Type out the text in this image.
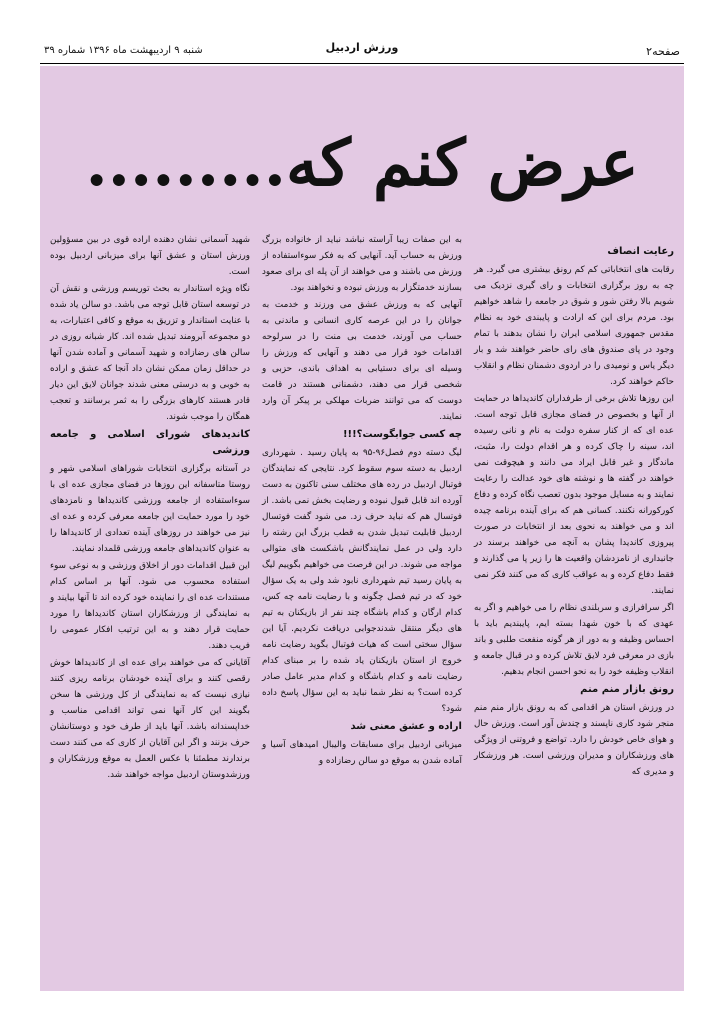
صفحه۲
ورزش اردبیل
شنبه ۹ اردیبهشت ماه ۱۳۹۶ شماره ۳۹
عرض کنم که.........
رعایت انصاف

رقابت های انتخاباتی کم کم رونق بیشتری می گیرد. هر چه به روز برگزاری انتخابات و رای گیری نزدیک می شویم بالا رفتن شور و شوق در جامعه را شاهد خواهیم بود. مردم برای این که ارادت و پایبندی خود به نظام مقدس جمهوری اسلامی ایران را نشان بدهند با تمام وجود در پای صندوق های رای حاضر خواهند شد و بار دیگر یاس و نومیدی را در اردوی دشمنان نظام و انقلاب حاکم خواهند کرد.

این روزها تلاش برخی از طرفداران کاندیداها در حمایت از آنها و بخصوص در فضای مجازی قابل توجه است. عده ای که از کنار سفره دولت به نام و نانی رسیده اند، سینه را چاک کرده و هر اقدام دولت را، مثبت، ماندگار و غیر قابل ایراد می دانند و هیچوقت نمی خواهند در گفته ها و نوشته های خود عدالت را رعایت نمایند و به مسایل موجود بدون تعصب نگاه کرده و دفاع کورکورانه نکنند. کسانی هم که برای آینده برنامه چیده اند و می خواهند به نحوی بعد از انتخابات در صورت پیروزی کاندیدا پشان به آنچه می خواهند برسند در جانبداری از نامزدشان واقعیت ها را زیر پا می گذارند و فقط دفاع کرده و به عواقب کاری که می کنند فکر نمی نمایند.

اگر سرافرازی و سربلندی نظام را می خواهیم و اگر به عهدی که با خون شهدا بسته ایم، پایبندیم باید با احساس وظیفه و به دور از هر گونه منفعت طلبی و باند بازی در معرفی فرد لایق تلاش کرده و در قبال جامعه و انقلاب وظیفه خود را به نحو احسن انجام بدهیم.

رونق بازار منم منم

در ورزش استان هر اقدامی که به رونق بازار منم منم منجر شود کاری ناپسند و چندش آور است. ورزش حال و هوای خاص خودش را دارد. تواضع و فروتنی از ویژگی های ورزشکاران و مدیران ورزشی است. هر ورزشکار و مدیری که

به این صفات زیبا آراسته نباشد نباید از خانواده بزرگ ورزش به حساب آید. آنهایی که به فکر سوءاستفاده از ورزش می باشند و می خواهند از آن پله ای برای صعود بسازند خدمتگزار به ورزش نبوده و نخواهند بود.

آنهایی که به ورزش عشق می ورزند و خدمت به جوانان را در این عرصه کاری انسانی و ماندنی به حساب می آورند، خدمت بی منت را در سرلوحه اقدامات خود قرار می دهند و آنهایی که ورزش را وسیله ای برای دستیابی به اهداف باندی، حزبی و شخصی قرار می دهند، دشمنانی هستند در قامت دوست که می توانند ضربات مهلکی بر پیکر آن وارد نمایند.

چه کسی جوابگوست؟!!!

لیگ دسته دوم فصل۹۶-۹۵ به پایان رسید . شهرداری اردبیل به دسته سوم سقوط کرد. نتایجی که نمایندگان فوتبال اردبیل در رده های مختلف سنی تاکنون به دست آورده اند قابل قبول نبوده و رضایت بخش نمی باشد. از فوتسال هم که نباید حرف زد. می شود گفت فوتسال اردبیل قابلیت تبدیل شدن به قطب بزرگ این رشته را دارد ولی در عمل نمایندگانش باشکست های متوالی مواجه می شوند. در این فرصت می خواهیم بگوییم لیگ به پایان رسید تیم شهرداری نابود شد ولی به یک سؤال خود که در تیم فصل چگونه و با رضایت نامه چه کس، کدام ارگان و کدام باشگاه چند نفر از بازیکنان به تیم های دیگر منتقل شدندجوابی دریافت نکردیم. آیا این سؤال سختی است که هیات فوتبال بگوید رضایت نامه خروج از استان بازیکنان یاد شده را بر مبنای کدام رضایت نامه و کدام باشگاه و کدام مدیر عامل صادر کرده است؟ به نظر شما نباید به این سؤال پاسخ داده شود؟

اراده و عشق معنی شد

میزبانی اردبیل برای مسابقات والیبال امیدهای آسیا و آماده شدن به موقع دو سالن رضازاده و

شهید آسمانی نشان دهنده اراده قوی در بین مسؤولین ورزش استان و عشق آنها برای میزبانی اردبیل بوده است.

نگاه ویژه استاندار به بحث توریسم ورزشی و نقش آن در توسعه استان قابل توجه می باشد. دو سالن یاد شده با عنایت استاندار و تزریق به موقع و کافی اعتبارات، به دو مجموعه آبرومند تبدیل شده اند. کار شبانه روزی در سالن های رضازاده و شهید آسمانی و آماده شدن آنها در حداقل زمان ممکن نشان داد آنجا که عشق و اراده به خوبی و به درستی معنی شدند جوانان لایق این دیار قادر هستند کارهای بزرگی را به ثمر برسانند و تعجب همگان را موجب شوند.

کاندیدهای شورای اسلامی و جامعه ورزشی

در آستانه برگزاری انتخابات شوراهای اسلامی شهر و روستا متاسفانه این روزها در فضای مجازی عده ای با سوءاستفاده از جامعه ورزشی کاندیداها و نامزدهای خود را مورد حمایت این جامعه معرفی کرده و عده ای نیز می خواهند در روزهای آینده تعدادی از کاندیداها را به عنوان کاندیداهای جامعه ورزشی قلمداد نمایند.

این قبیل اقدامات دور از اخلاق ورزشی و به نوعی سوء استفاده محسوب می شود. آنها بر اساس کدام مستندات عده ای را نماینده خود کرده اند تا آنها بیایند و به نمایندگی از ورزشکاران استان کاندیداها را مورد حمایت قرار دهند و به این ترتیب افکار عمومی را فریب دهند.

آقایانی که می خواهند برای عده ای از کاندیداها خوش رقصی کنند و برای آینده خودشان برنامه ریزی کنند نیازی نیست که به نمایندگی از کل ورزشی ها سخن بگویند این کار آنها نمی تواند اقدامی مناسب و خداپسندانه باشد. آنها باید از طرف خود و دوستانشان حرف بزنند و اگر این آقایان از کاری که می کنند دست برندارند مطمئنا با عکس العمل به موقع ورزشکاران و ورزشدوستان اردبیل مواجه خواهند شد.
